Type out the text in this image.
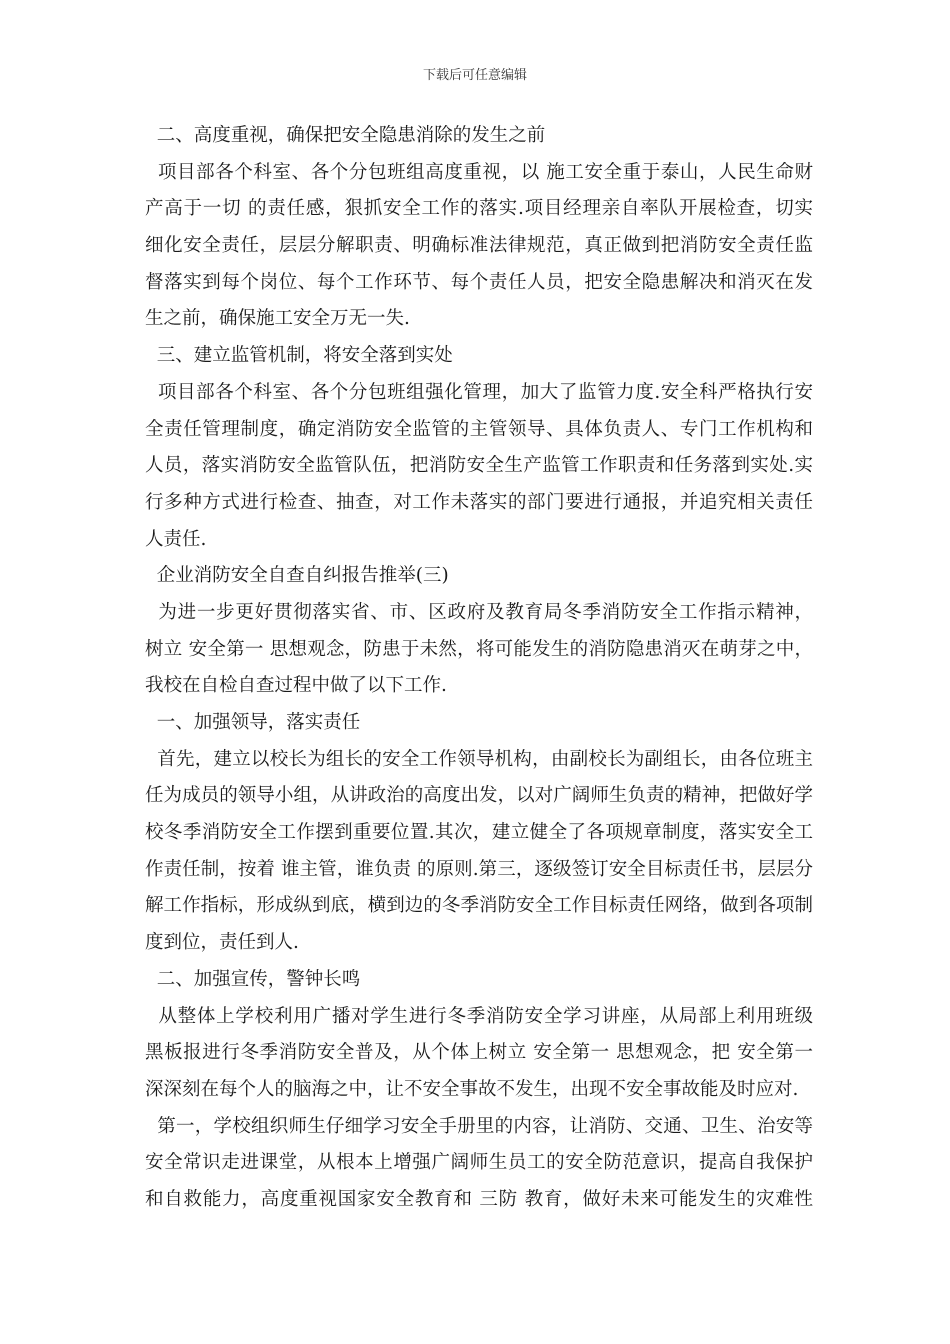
下载后可任意编辑
二、高度重视，确保把安全隐患消除的发生之前
项目部各个科室、各个分包班组高度重视，以 施工安全重于泰山，人民生命财
产高于一切 的责任感，狠抓安全工作的落实.项目经理亲自率队开展检查，切实
细化安全责任，层层分解职责、明确标准法律规范，真正做到把消防安全责任监
督落实到每个岗位、每个工作环节、每个责任人员，把安全隐患解决和消灭在发
生之前，确保施工安全万无一失.
三、建立监管机制，将安全落到实处
项目部各个科室、各个分包班组强化管理，加大了监管力度.安全科严格执行安
全责任管理制度，确定消防安全监管的主管领导、具体负责人、专门工作机构和
人员，落实消防安全监管队伍，把消防安全生产监管工作职责和任务落到实处.实
行多种方式进行检查、抽查，对工作未落实的部门要进行通报，并追究相关责任
人责任.
企业消防安全自查自纠报告推举(三)
为进一步更好贯彻落实省、市、区政府及教育局冬季消防安全工作指示精神，
树立 安全第一 思想观念，防患于未然，将可能发生的消防隐患消灭在萌芽之中，
我校在自检自查过程中做了以下工作.
一、加强领导，落实责任
首先，建立以校长为组长的安全工作领导机构，由副校长为副组长，由各位班主
任为成员的领导小组，从讲政治的高度出发，以对广阔师生负责的精神，把做好学
校冬季消防安全工作摆到重要位置.其次，建立健全了各项规章制度，落实安全工
作责任制，按着 谁主管，谁负责 的原则.第三，逐级签订安全目标责任书，层层分
解工作指标，形成纵到底，横到边的冬季消防安全工作目标责任网络，做到各项制
度到位，责任到人.
二、加强宣传，警钟长鸣
从整体上学校利用广播对学生进行冬季消防安全学习讲座，从局部上利用班级
黑板报进行冬季消防安全普及，从个体上树立 安全第一 思想观念，把 安全第一
深深刻在每个人的脑海之中，让不安全事故不发生，出现不安全事故能及时应对.
第一，学校组织师生仔细学习安全手册里的内容，让消防、交通、卫生、治安等
安全常识走进课堂，从根本上增强广阔师生员工的安全防范意识，提高自我保护
和自救能力，高度重视国家安全教育和 三防 教育，做好未来可能发生的灾难性
